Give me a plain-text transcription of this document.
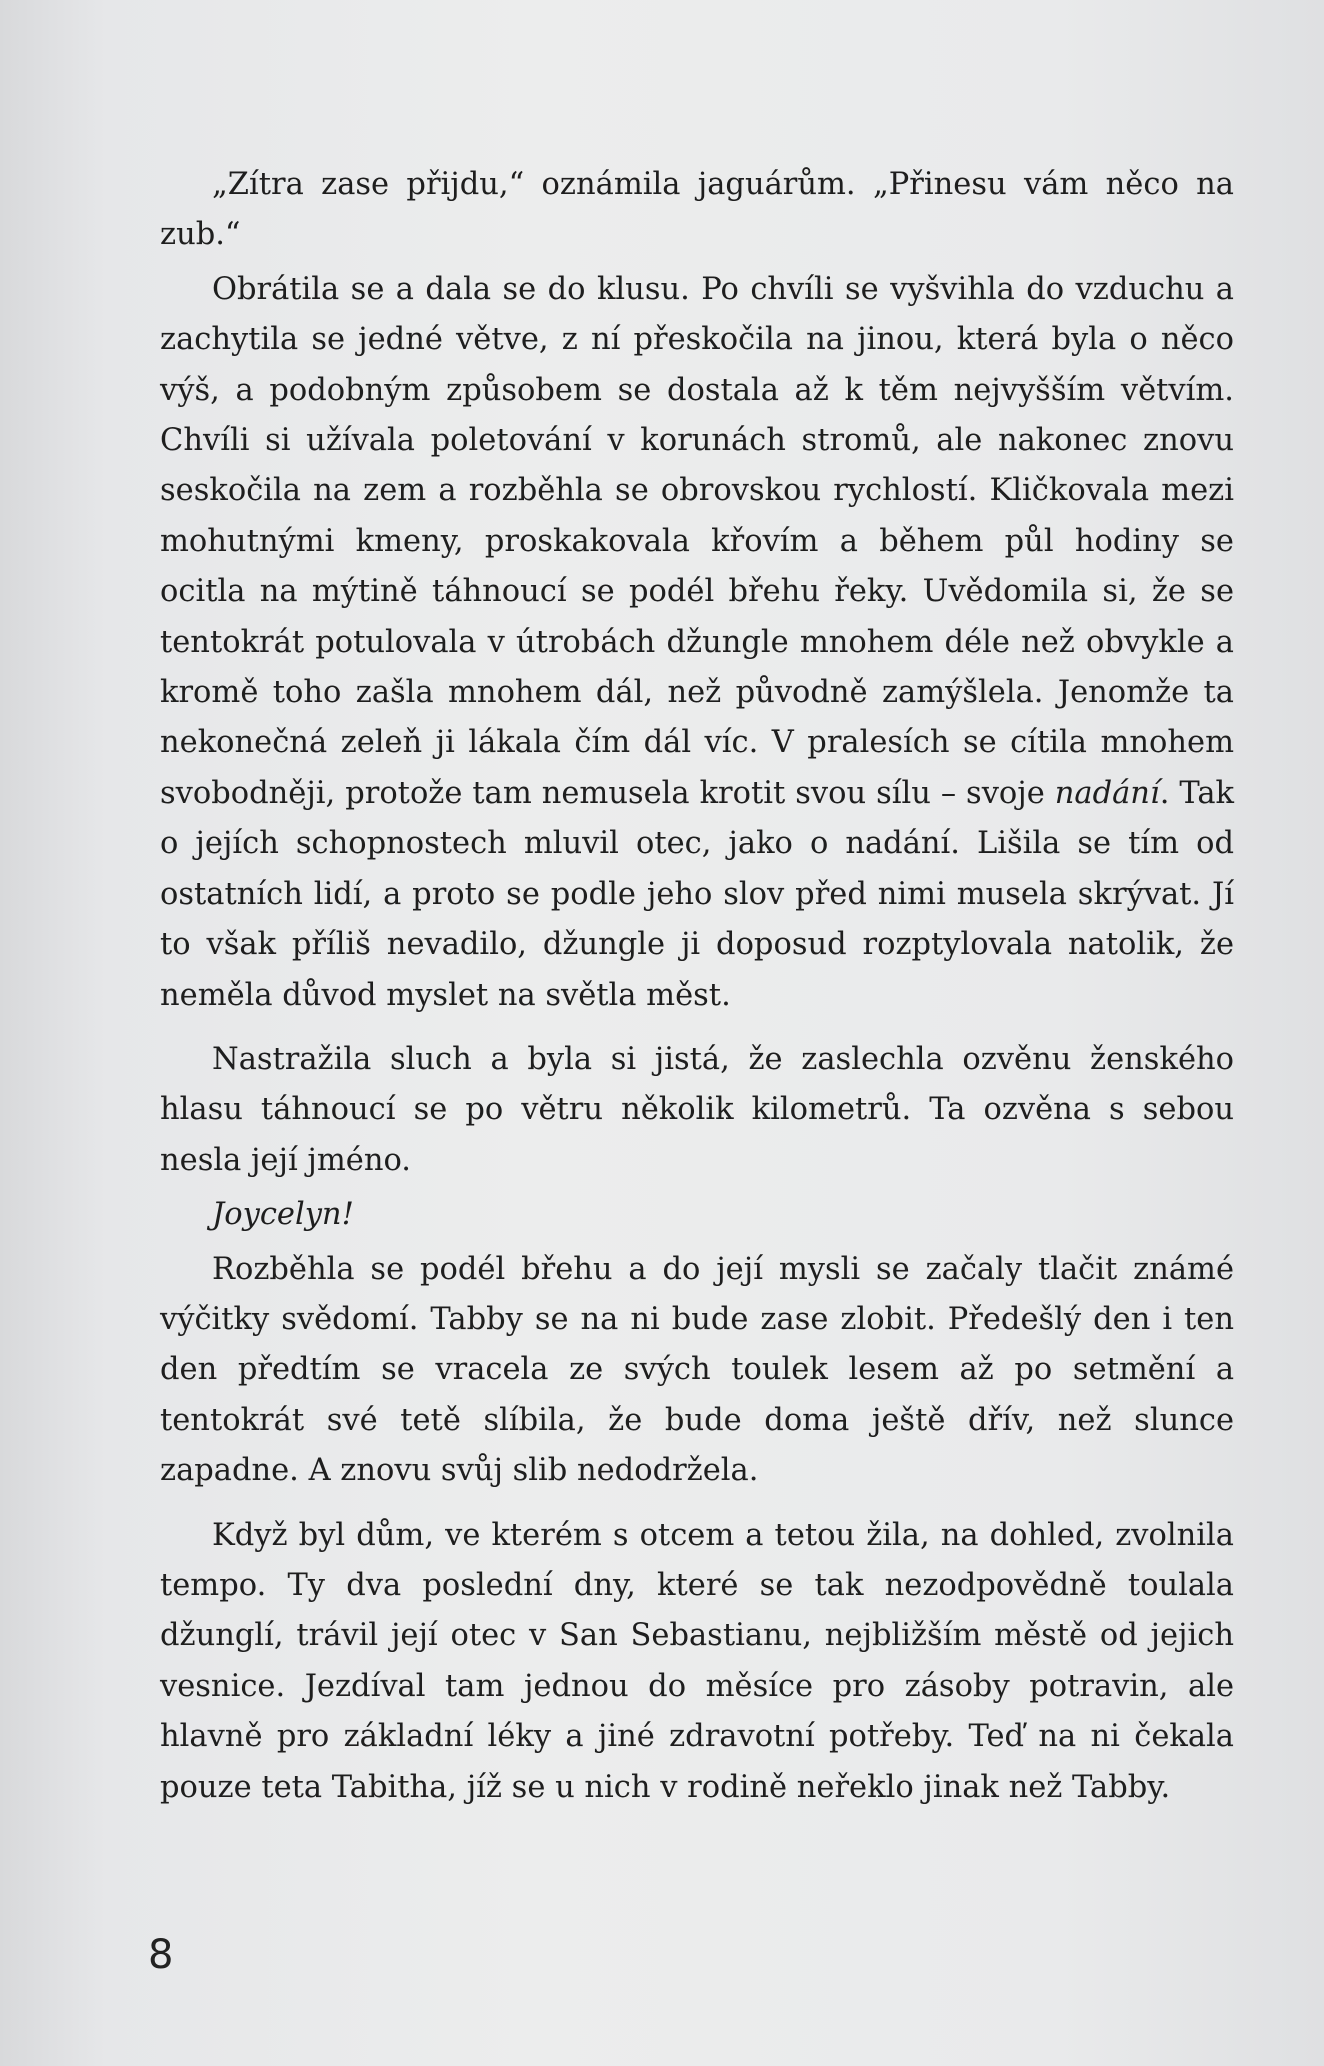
„Zítra zase přijdu,“ oznámila jaguárům. „Přinesu vám něco na zub.“

Obrátila se a dala se do klusu. Po chvíli se vyšvihla do vzduchu a zachytila se jedné větve, z ní přeskočila na jinou, která byla o něco výš, a podobným způsobem se dostala až k těm nejvyšším větvím. Chvíli si užívala poletování v korunách stromů, ale nakonec znovu seskočila na zem a rozběhla se obrovskou rychlostí. Kličkovala mezi mohutnými kmeny, proskakovala křovím a během půl hodiny se ocitla na mýtině táhnoucí se podél břehu řeky. Uvědomila si, že se tentokrát potulovala v útrobách džungle mnohem déle než obvykle a kromě toho zašla mnohem dál, než původně zamýšlela. Jenomže ta nekonečná zeleň ji lákala čím dál víc. V pralesích se cítila mnohem svobodněji, protože tam nemusela krotit svou sílu – svoje nadání. Tak o jejích schopnostech mluvil otec, jako o nadání. Lišila se tím od ostatních lidí, a proto se podle jeho slov před nimi musela skrývat. Jí to však příliš nevadilo, džungle ji doposud rozptylovala natolik, že neměla důvod myslet na světla měst.

Nastražila sluch a byla si jistá, že zaslechla ozvěnu ženského hlasu táhnoucí se po větru několik kilometrů. Ta ozvěna s sebou nesla její jméno.

Joycelyn!

Rozběhla se podél břehu a do její mysli se začaly tlačit známé výčitky svědomí. Tabby se na ni bude zase zlobit. Předešlý den i ten den předtím se vracela ze svých toulek lesem až po setmění a tentokrát své tetě slíbila, že bude doma ještě dřív, než slunce zapadne. A znovu svůj slib nedodržela.

Když byl dům, ve kterém s otcem a tetou žila, na dohled, zvolnila tempo. Ty dva poslední dny, které se tak nezodpovědně toulala džunglí, trávil její otec v San Sebastianu, nejbližším městě od jejich vesnice. Jezdíval tam jednou do měsíce pro zásoby potravin, ale hlavně pro základní léky a jiné zdravotní potřeby. Teď na ni čekala pouze teta Tabitha, jíž se u nich v rodině neřeklo jinak než Tabby.

8
